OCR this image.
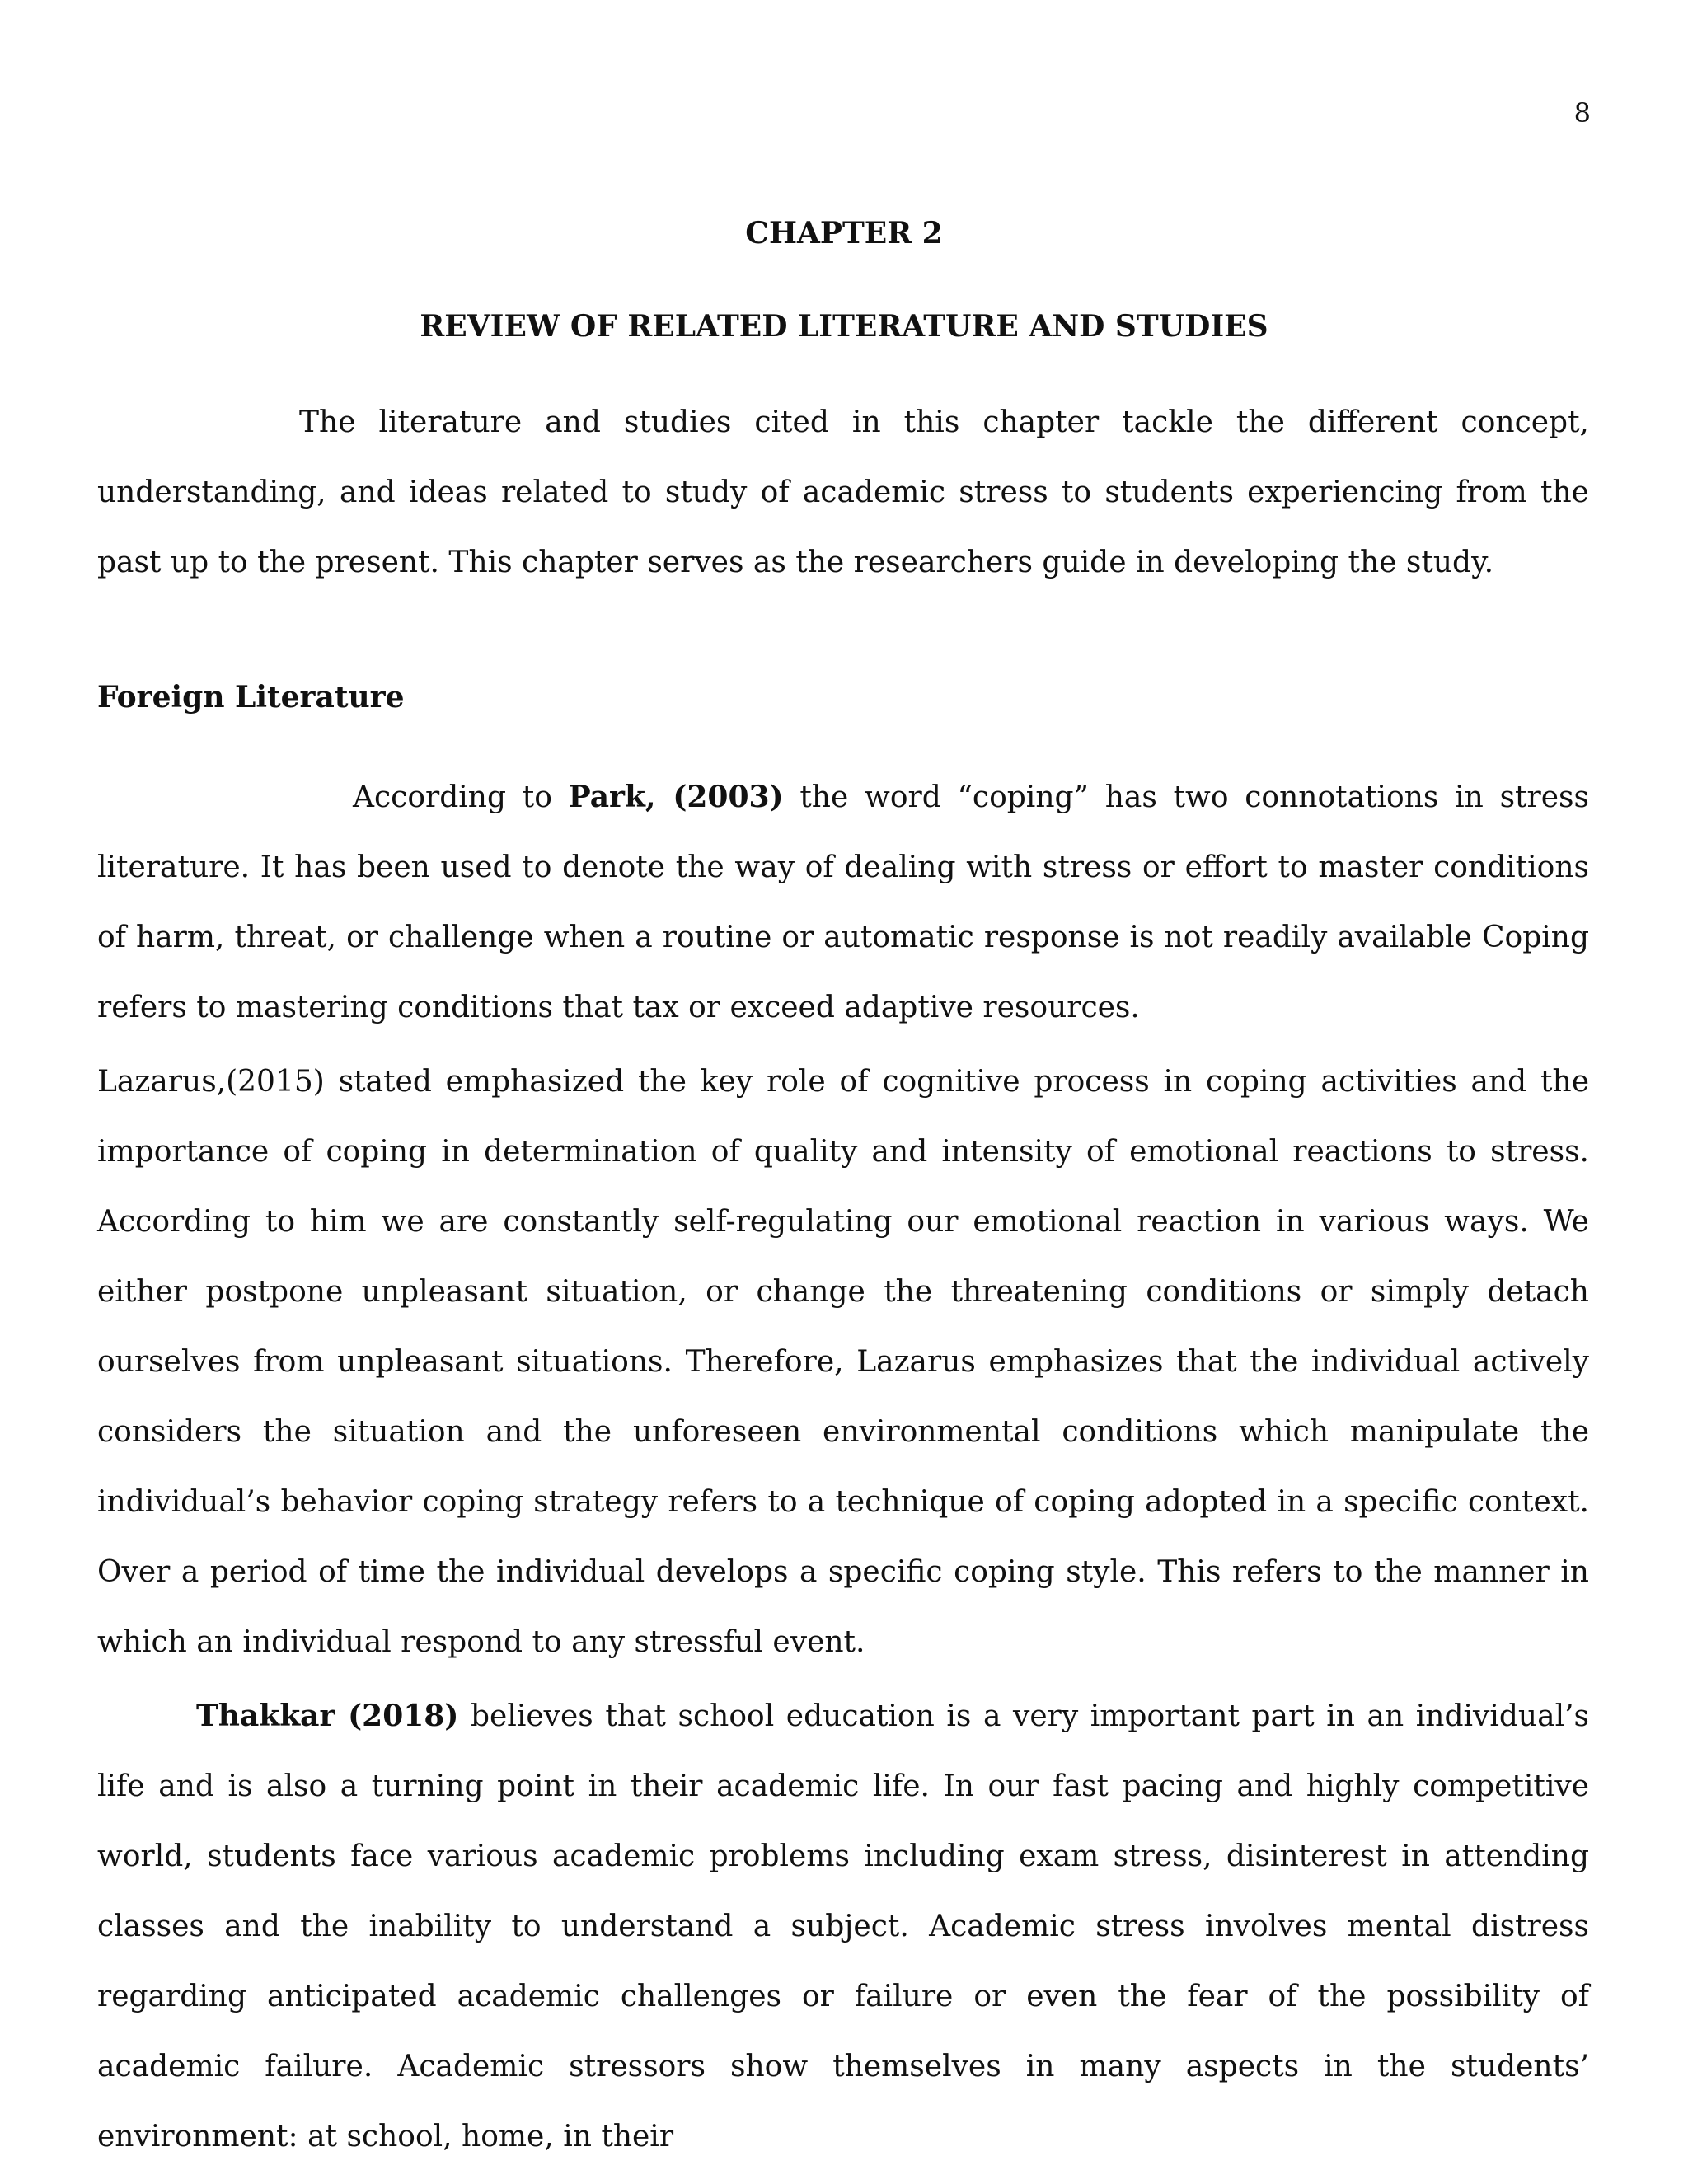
8
CHAPTER 2
REVIEW OF RELATED LITERATURE AND STUDIES

The literature and studies cited in this chapter tackle the different concept, understanding, and ideas related to study of academic stress to students experiencing from the past up to the present. This chapter serves as the researchers guide in developing the study.

Foreign Literature

According to Park, (2003) the word “coping” has two connotations in stress literature. It has been used to denote the way of dealing with stress or effort to master conditions of harm, threat, or challenge when a routine or automatic response is not readily available Coping refers to mastering conditions that tax or exceed adaptive resources.

Lazarus,(2015) stated emphasized the key role of cognitive process in coping activities and the importance of coping in determination of quality and intensity of emotional reactions to stress. According to him we are constantly self-regulating our emotional reaction in various ways. We either postpone unpleasant situation, or change the threatening conditions or simply detach ourselves from unpleasant situations. Therefore, Lazarus emphasizes that the individual actively considers the situation and the unforeseen environmental conditions which manipulate the individual’s behavior coping strategy refers to a technique of coping adopted in a specific context. Over a period of time the individual develops a specific coping style. This refers to the manner in which an individual respond to any stressful event.

Thakkar (2018) believes that school education is a very important part in an individual’s life and is also a turning point in their academic life. In our fast pacing and highly competitive world, students face various academic problems including exam stress, disinterest in attending classes and the inability to understand a subject. Academic stress involves mental distress regarding anticipated academic challenges or failure or even the fear of the possibility of academic failure. Academic stressors show themselves in many aspects in the students’ environment: at school, home, in their
